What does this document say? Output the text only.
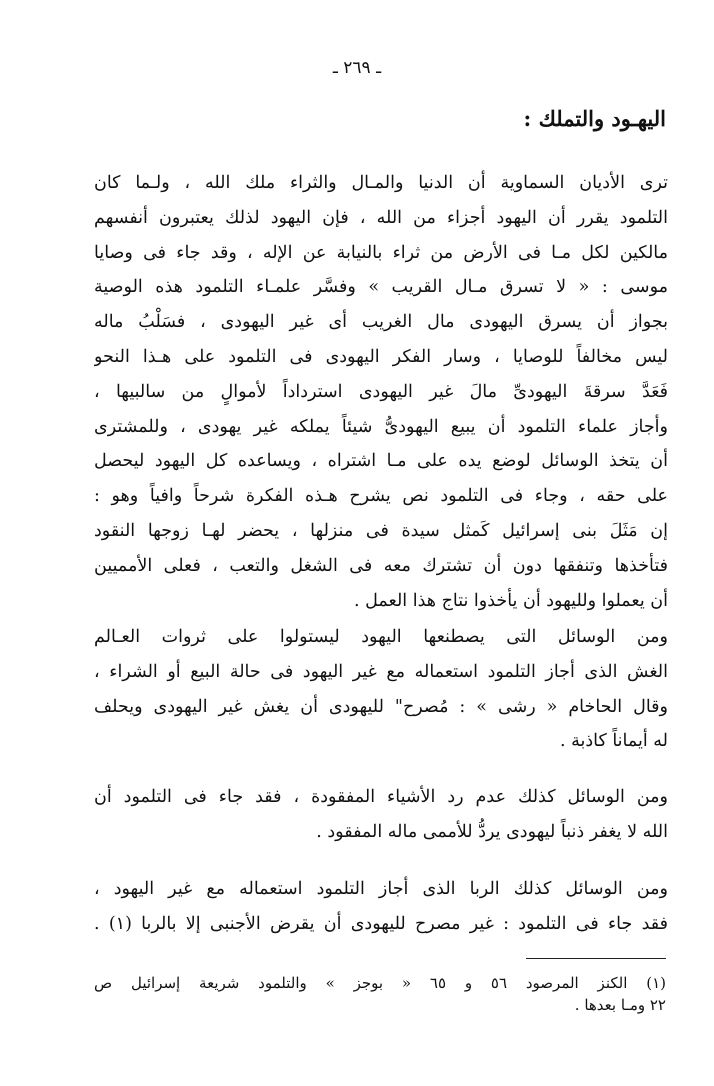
ـ ٢٦٩ ـ
اليهـود والتملك :
ترى الأديان السماوية أن الدنيا والمـال والثراء ملك الله ، ولـما كان
التلمود يقرر أن اليهود أجزاء من الله ، فإن اليهود لذلك يعتبرون أنفسهم
مالكين لكل مـا فى الأرض من ثراء بالنيابة عن الإله ، وقد جاء فى وصايا
موسى : « لا تسرق مـال القريب » وفسَّر علمـاء التلمود هذه الوصية
بجواز أن يسرق اليهودى مال الغريب أى غير اليهودى ، فسَلْبُ ماله
ليس مخالفاً للوصايا ، وسار الفكر اليهودى فى التلمود على هـذا النحو
فَعَدَّ سرقةَ اليهودىِّ مالَ غير اليهودى استرداداً لأموالٍ من سالبيها ،
وأجاز علماء التلمود أن يبيع اليهودىُّ شيئاً يملكه غير يهودى ، وللمشترى
أن يتخذ الوسائل لوضع يده على مـا اشتراه ، ويساعده كل اليهود ليحصل
على حقه ، وجاء فى التلمود نص يشرح هـذه الفكرة شرحاً وافياً وهو :
إن مَثَلَ بنى إسرائيل كَمثل سيدة فى منزلها ، يحضر لهـا زوجها النقود
فتأخذها وتنفقها دون أن تشترك معه فى الشغل والتعب ، فعلى الأمميين
أن يعملوا ولليهود أن يأخذوا نتاج هذا العمل .
ومن الوسائل التى يصطنعها اليهود ليستولوا على ثروات العـالم
الغش الذى أجاز التلمود استعماله مع غير اليهود فى حالة البيع أو الشراء ،
وقال الحاخام « رشى » : مُصرح" لليهودى أن يغش غير اليهودى ويحلف
له أيماناً كاذبة .
ومن الوسائل كذلك عدم رد الأشياء المفقودة ، فقد جاء فى التلمود أن
الله لا يغفر ذنباً ليهودى يردُّ للأممى ماله المفقود .
ومن الوسائل كذلك الربا الذى أجاز التلمود استعماله مع غير اليهود ،
فقد جاء فى التلمود : غير مصرح لليهودى أن يقرض الأجنبى إلا بالربا (١) .
(١) الكنز المرصود ٥٦ و ٦٥ « بوجز » والتلمود شريعة إسرائيل ص
٢٢ ومـا بعدها .
